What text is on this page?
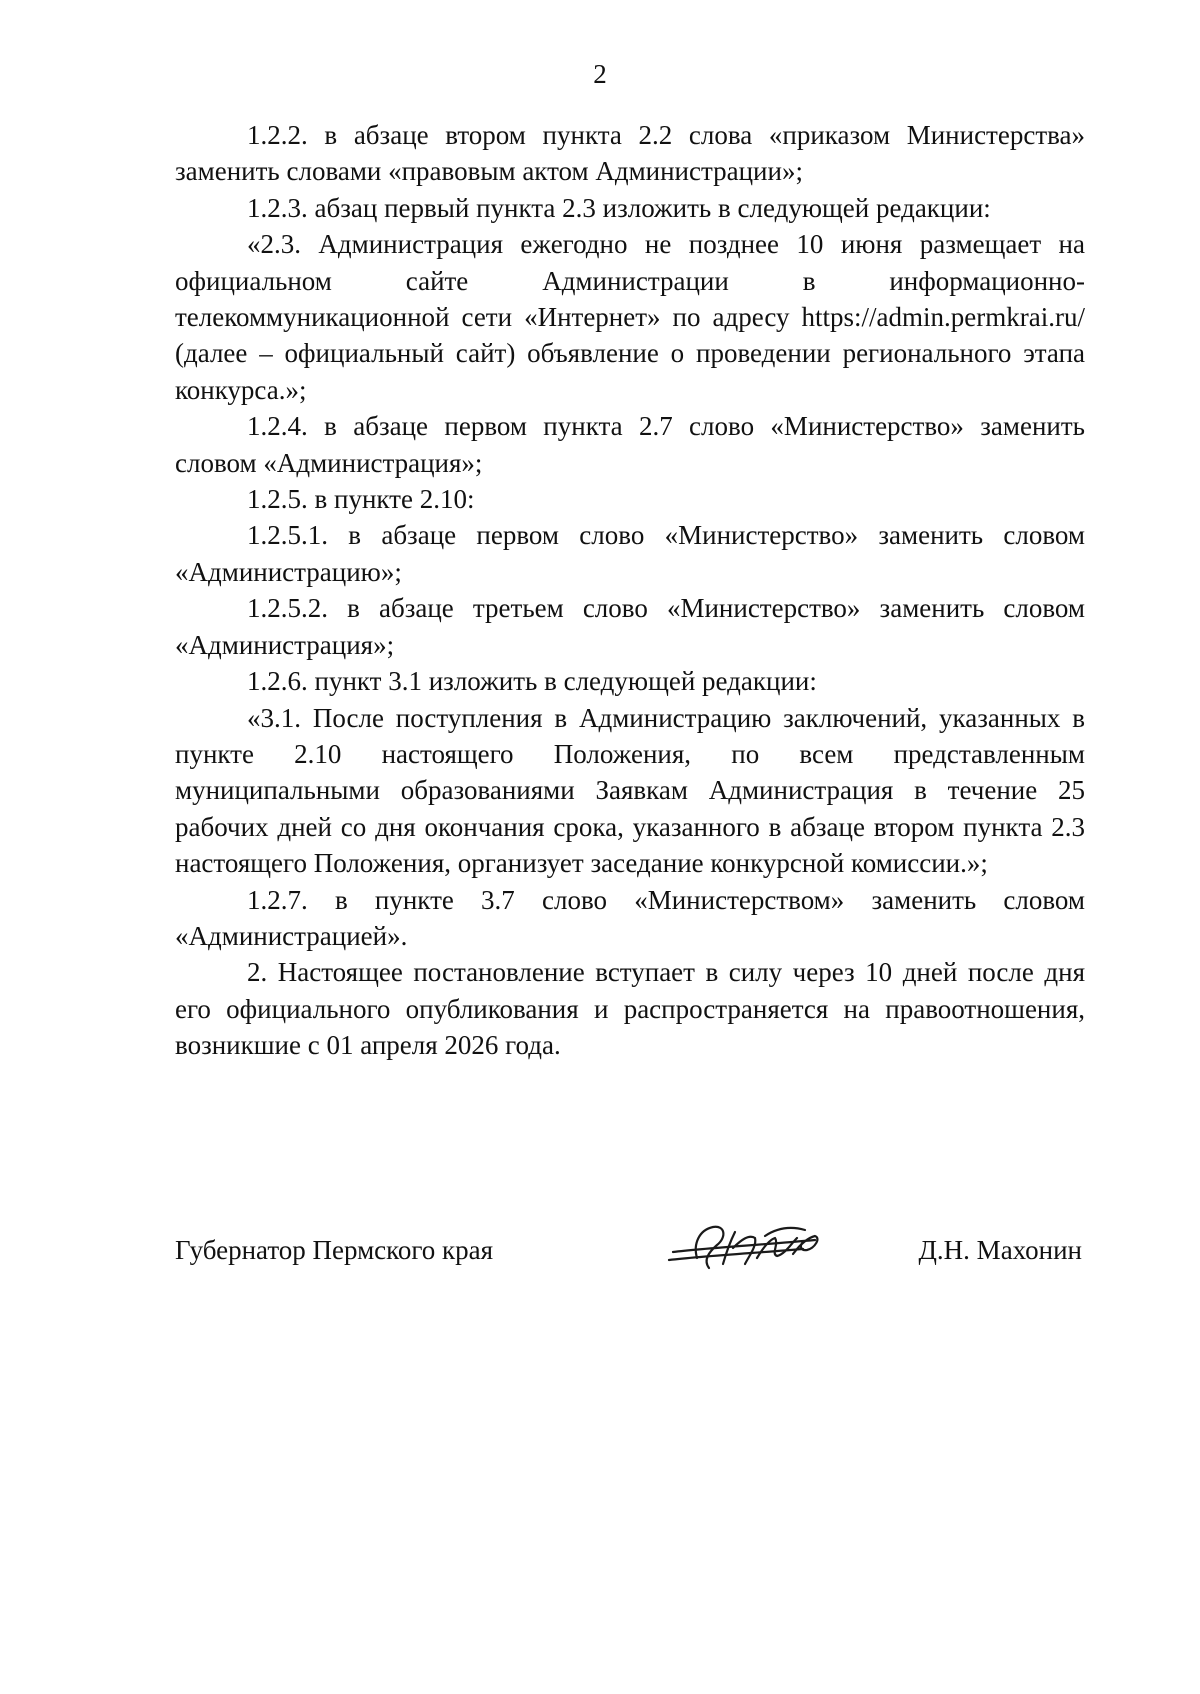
2

1.2.2. в абзаце втором пункта 2.2 слова «приказом Министерства» заменить словами «правовым актом Администрации»;

1.2.3. абзац первый пункта 2.3 изложить в следующей редакции:

«2.3. Администрация ежегодно не позднее 10 июня размещает на официальном сайте Администрации в информационно-телекоммуникационной сети «Интернет» по адресу https://admin.permkrai.ru/ (далее – официальный сайт) объявление о проведении регионального этапа конкурса.»;

1.2.4. в абзаце первом пункта 2.7 слово «Министерство» заменить словом «Администрация»;

1.2.5. в пункте 2.10:

1.2.5.1. в абзаце первом слово «Министерство» заменить словом «Администрацию»;

1.2.5.2. в абзаце третьем слово «Министерство» заменить словом «Администрация»;

1.2.6. пункт 3.1 изложить в следующей редакции:

«3.1. После поступления в Администрацию заключений, указанных в пункте 2.10 настоящего Положения, по всем представленным муниципальными образованиями Заявкам Администрация в течение 25 рабочих дней со дня окончания срока, указанного в абзаце втором пункта 2.3 настоящего Положения, организует заседание конкурсной комиссии.»;

1.2.7. в пункте 3.7 слово «Министерством» заменить словом «Администрацией».

2. Настоящее постановление вступает в силу через 10 дней после дня его официального опубликования и распространяется на правоотношения, возникшие с 01 апреля 2026 года.

Губернатор Пермского края	Д.Н. Махонин
